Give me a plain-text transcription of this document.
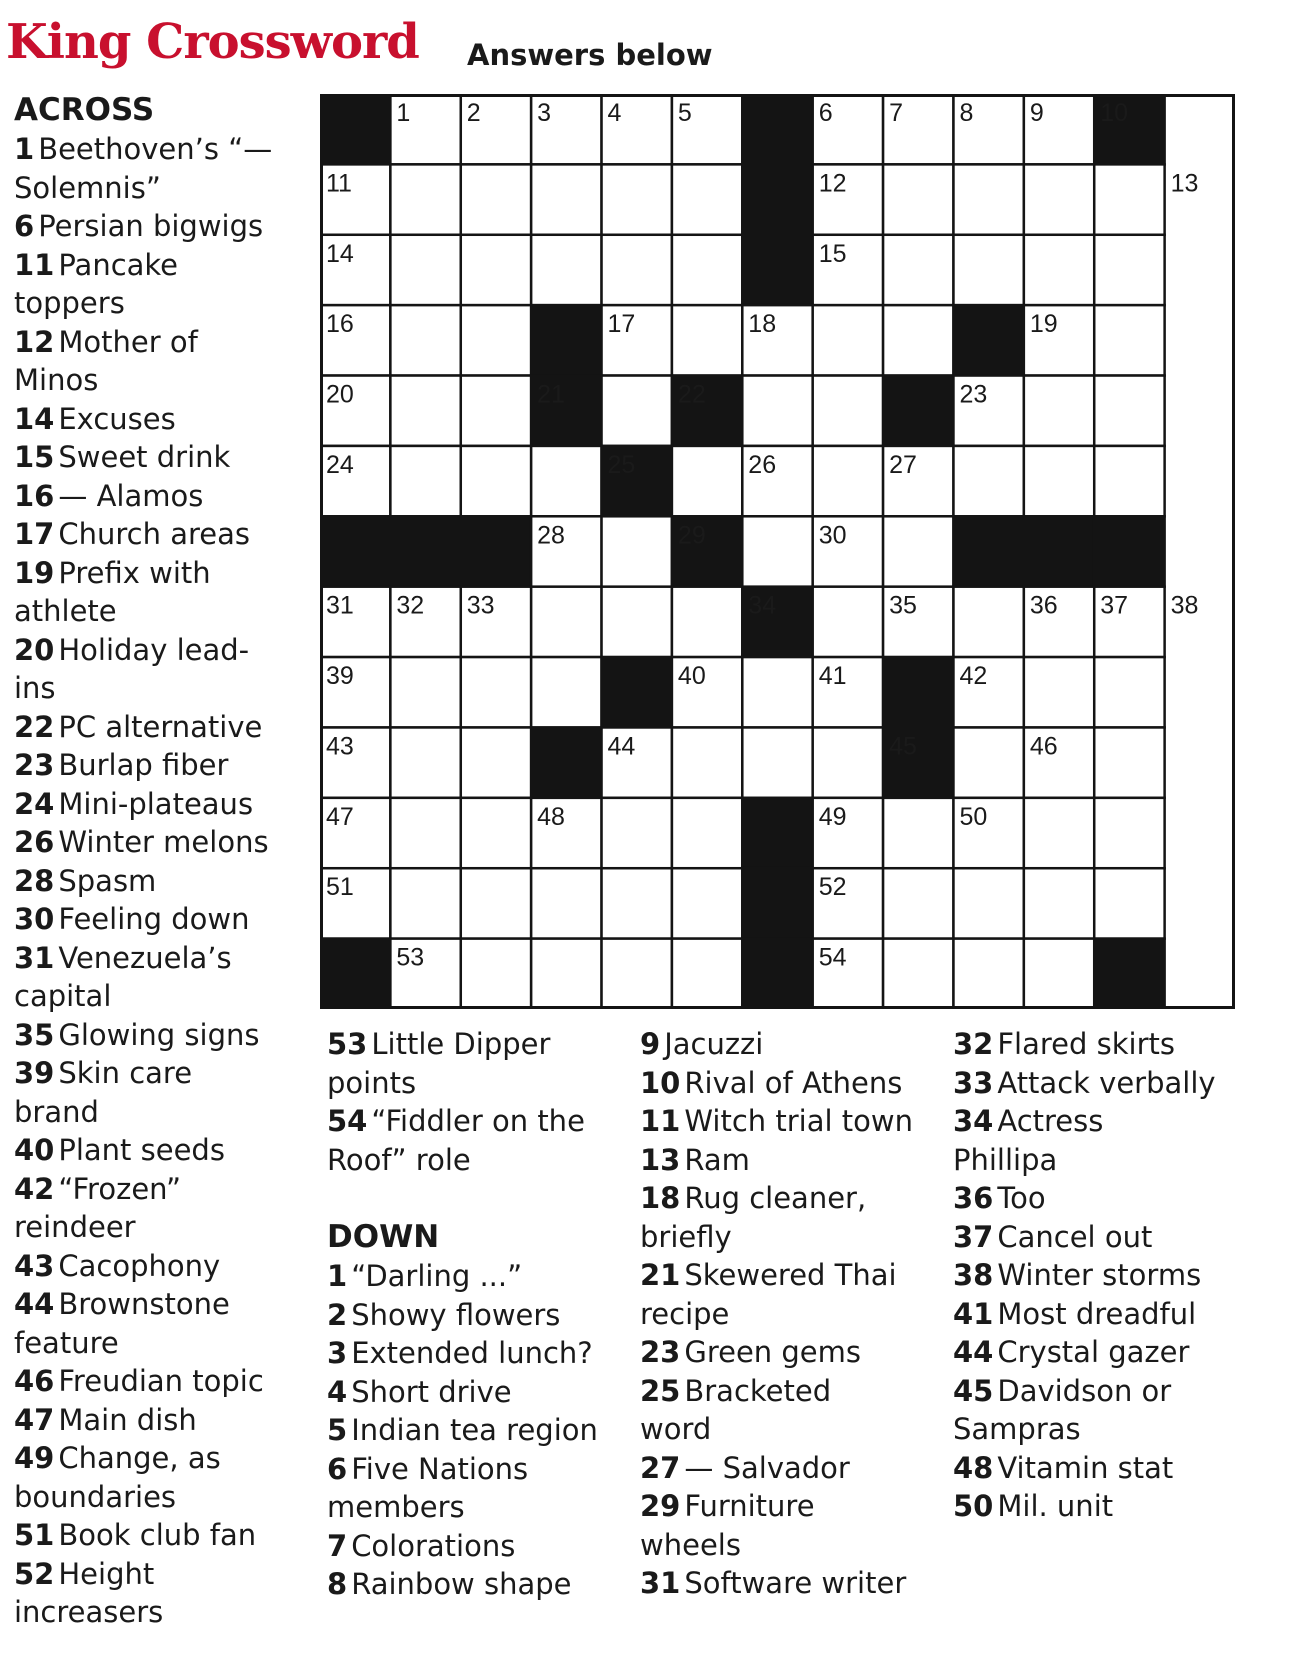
King Crossword Answers below
ACROSS
1 Beethoven’s “—
Solemnis”
6 Persian bigwigs
11 Pancake
toppers
12 Mother of
Minos
14 Excuses
15 Sweet drink
16 — Alamos
17 Church areas
19 Prefix with
athlete
20 Holiday lead-
ins
22 PC alternative
23 Burlap fiber
24 Mini-plateaus
26 Winter melons
28 Spasm
30 Feeling down
31 Venezuela’s
capital
35 Glowing signs
39 Skin care
brand
40 Plant seeds
42 “Frozen”
reindeer
43 Cacophony
44 Brownstone
feature
46 Freudian topic
47 Main dish
49 Change, as
boundaries
51 Book club fan
52 Height
increasers
53 Little Dipper
points
54 “Fiddler on the
Roof” role
DOWN
1 “Darling ...”
2 Showy flowers
3 Extended lunch?
4 Short drive
5 Indian tea region
6 Five Nations
members
7 Colorations
8 Rainbow shape
9 Jacuzzi
10 Rival of Athens
11 Witch trial town
13 Ram
18 Rug cleaner,
briefly
21 Skewered Thai
recipe
23 Green gems
25 Bracketed
word
27 — Salvador
29 Furniture
wheels
31 Software writer
32 Flared skirts
33 Attack verbally
34 Actress
Phillipa
36 Too
37 Cancel out
38 Winter storms
41 Most dreadful
44 Crystal gazer
45 Davidson or
Sampras
48 Vitamin stat
50 Mil. unit
1 2 3 4 5	6 7 8 9 10
11	12	13
14	15
16	17	18	19
20	21	22	23
24	25	26	27
28	29	30
31 32 33	34	35	36 37 38
39	40	41	42
43	44	45	46
47	48	49	50
51	52
53	54
